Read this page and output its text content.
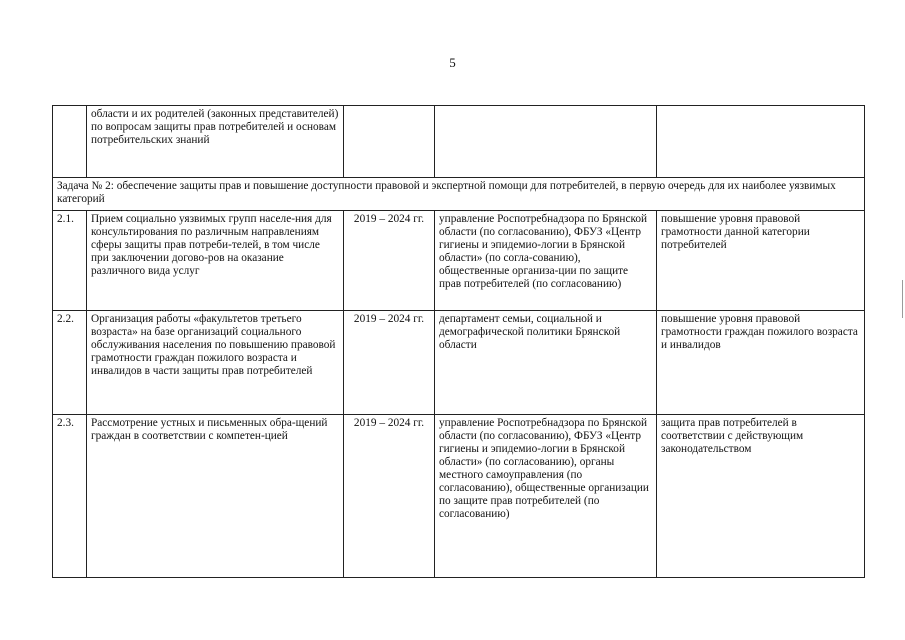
5
	области и их родителей (законных представителей) по вопросам защиты прав потребителей и основам потребительских знаний			
Задача № 2: обеспечение защиты прав и повышение доступности правовой и экспертной помощи для потребителей, в первую очередь для их наиболее уязвимых категорий				
2.1.	Прием социально уязвимых групп населе-ния для консультирования по различным направлениям сферы защиты прав потреби-телей, в том числе при заключении догово-ров на оказание различного вида услуг	2019 – 2024 гг.	управление Роспотребнадзора по Брянской области (по согласованию), ФБУЗ «Центр гигиены и эпидемио-логии в Брянской области» (по согла-сованию), общественные организа-ции по защите прав потребителей (по согласованию)	повышение уровня правовой грамотности данной категории потребителей
2.2.	Организация работы «факультетов третьего возраста» на базе организаций социального обслуживания населения по повышению правовой грамотности граждан пожилого возраста и инвалидов в части защиты прав потребителей	2019 – 2024 гг.	департамент семьи, социальной и демографической политики Брянской области	повышение уровня правовой грамотности граждан пожилого возраста и инвалидов
2.3.	Рассмотрение устных и письменных обра-щений граждан в соответствии с компетен-цией	2019 – 2024 гг.	управление Роспотребнадзора по Брянской области (по согласованию), ФБУЗ «Центр гигиены и эпидемио-логии в Брянской области» (по согласованию), органы местного самоуправления (по согласованию), общественные организации по защите прав потребителей (по согласованию)	защита прав потребителей в соответствии с действующим законодательством
